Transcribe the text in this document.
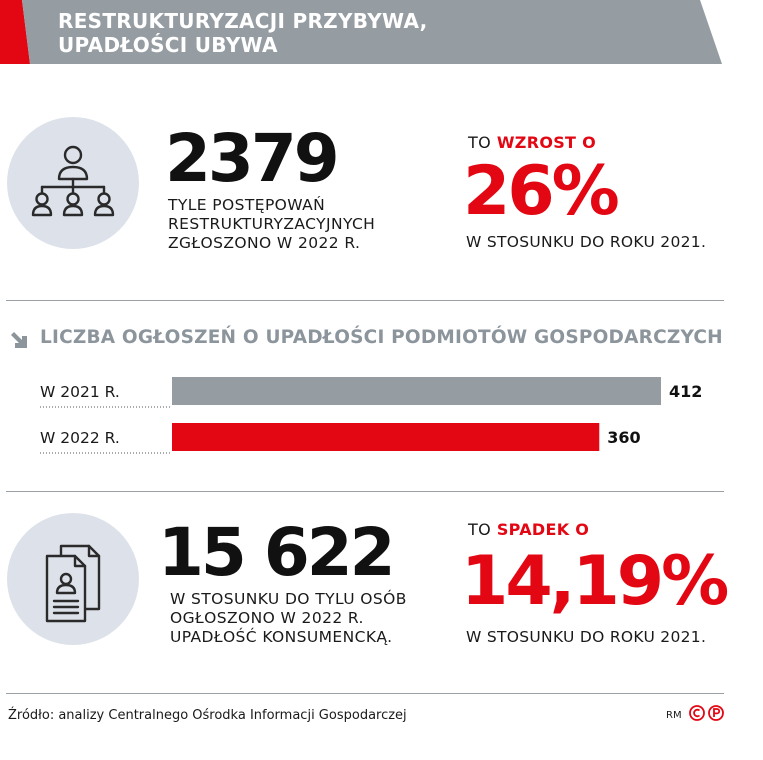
RESTRUKTURYZACJI PRZYBYWA,
UPADŁOŚCI UBYWA
2379
TYLE POSTĘPOWAŃ
RESTRUKTURYZACYJNYCH
ZGŁOSZONO W 2022 R.
TO WZROST O
26%
W STOSUNKU DO ROKU 2021.
LICZBA OGŁOSZEŃ O UPADŁOŚCI PODMIOTÓW GOSPODARCZYCH
W 2021 R.	412
W 2022 R.	360
15 622
W STOSUNKU DO TYLU OSÓB
OGŁOSZONO W 2022 R.
UPADŁOŚĆ KONSUMENCKĄ.
TO SPADEK O
14,19%
W STOSUNKU DO ROKU 2021.
Źródło: analizy Centralnego Ośrodka Informacji Gospodarczej	RM
